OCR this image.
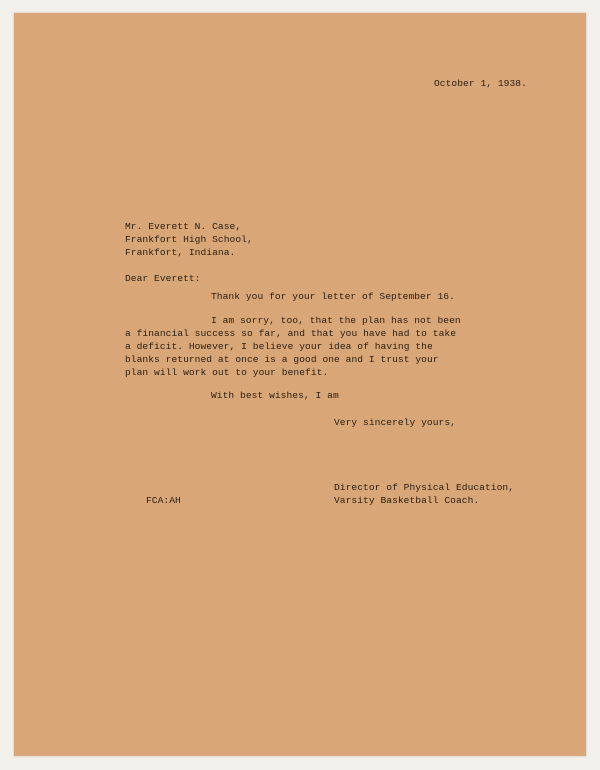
October 1, 1938.

Mr. Everett N. Case,

Frankfort High School,

Frankfort, Indiana.

Dear Everett:

Thank you for your letter of September 16.

I am sorry, too, that the plan has not been

a financial success so far, and that you have had to take

a deficit. However, I believe your idea of having the

blanks returned at once is a good one and I trust your

plan will work out to your benefit.

With best wishes, I am

Very sincerely yours,

Director of Physical Education,

Varsity Basketball Coach.

FCA:AH
